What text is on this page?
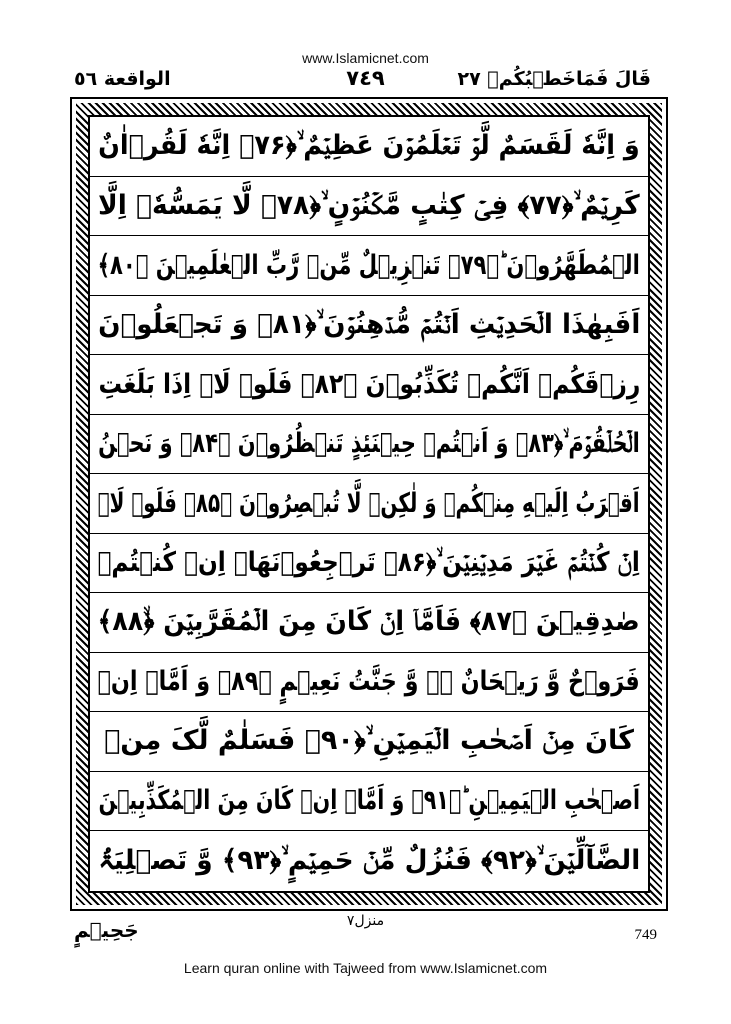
www.Islamicnet.com
قَالَ فَمَاخَطۡبُکُمۡ ٢٧
٧٤٩
الواقعة ٥٦
وَ اِنَّهٗ لَقَسَمٌ لَّوۡ تَعۡلَمُوۡنَ عَظِیۡمٌ ۙ﴿۷۶﴾ اِنَّهٗ لَقُرۡاٰنٌ
کَرِیۡمٌ ۙ﴿۷۷﴾ فِیۡ کِتٰبٍ مَّکۡنُوۡنٍ ۙ﴿۷۸﴾ لَّا یَمَسُّهٗۤ اِلَّا
الۡمُطَهَّرُوۡنَ ؕ﴿۷۹﴾ تَنۡزِیۡلٌ مِّنۡ رَّبِّ الۡعٰلَمِیۡنَ ﴿۸۰﴾
اَفَبِهٰذَا الۡحَدِیۡثِ اَنۡتُمۡ مُّدۡهِنُوۡنَ ۙ﴿۸۱﴾ وَ تَجۡعَلُوۡنَ
رِزۡقَکُمۡ اَنَّکُمۡ تُکَذِّبُوۡنَ ﴿۸۲﴾ فَلَوۡ لَاۤ اِذَا بَلَغَتِ
الۡحُلۡقُوۡمَ ۙ﴿۸۳﴾ وَ اَنۡتُمۡ حِیۡنَئِذٍ تَنۡظُرُوۡنَ ﴿۸۴﴾ وَ نَحۡنُ
اَقۡرَبُ اِلَیۡهِ مِنۡکُمۡ وَ لٰکِنۡ لَّا تُبۡصِرُوۡنَ ﴿۸۵﴾ فَلَوۡ لَاۤ
اِنۡ کُنۡتُمۡ غَیۡرَ مَدِیۡنِیۡنَ ۙ﴿۸۶﴾ تَرۡجِعُوۡنَهَاۤ اِنۡ کُنۡتُمۡ
صٰدِقِیۡنَ ﴿۸۷﴾ فَاَمَّاۤ اِنۡ کَانَ مِنَ الۡمُقَرَّبِیۡنَ ﴿ۙ۸۸﴾
فَرَوۡحٌ وَّ رَیۡحَانٌ ۬ۙ وَّ جَنَّتُ نَعِیۡمٍ ﴿۸۹﴾ وَ اَمَّاۤ اِنۡ
کَانَ مِنۡ اَصۡحٰبِ الۡیَمِیۡنِ ۙ﴿۹۰﴾ فَسَلٰمٌ لَّکَ مِنۡ
اَصۡحٰبِ الۡیَمِیۡنِ ؕ﴿۹۱﴾ وَ اَمَّاۤ اِنۡ کَانَ مِنَ الۡمُکَذِّبِیۡنَ
الضَّآلِّیۡنَ ۙ﴿۹۲﴾ فَنُزُلٌ مِّنۡ حَمِیۡمٍ ۙ﴿۹۳﴾ وَّ تَصۡلِیَۃُ
جَحِیۡمٍ	منزل٧
749
Learn quran online with Tajweed from www.Islamicnet.com
